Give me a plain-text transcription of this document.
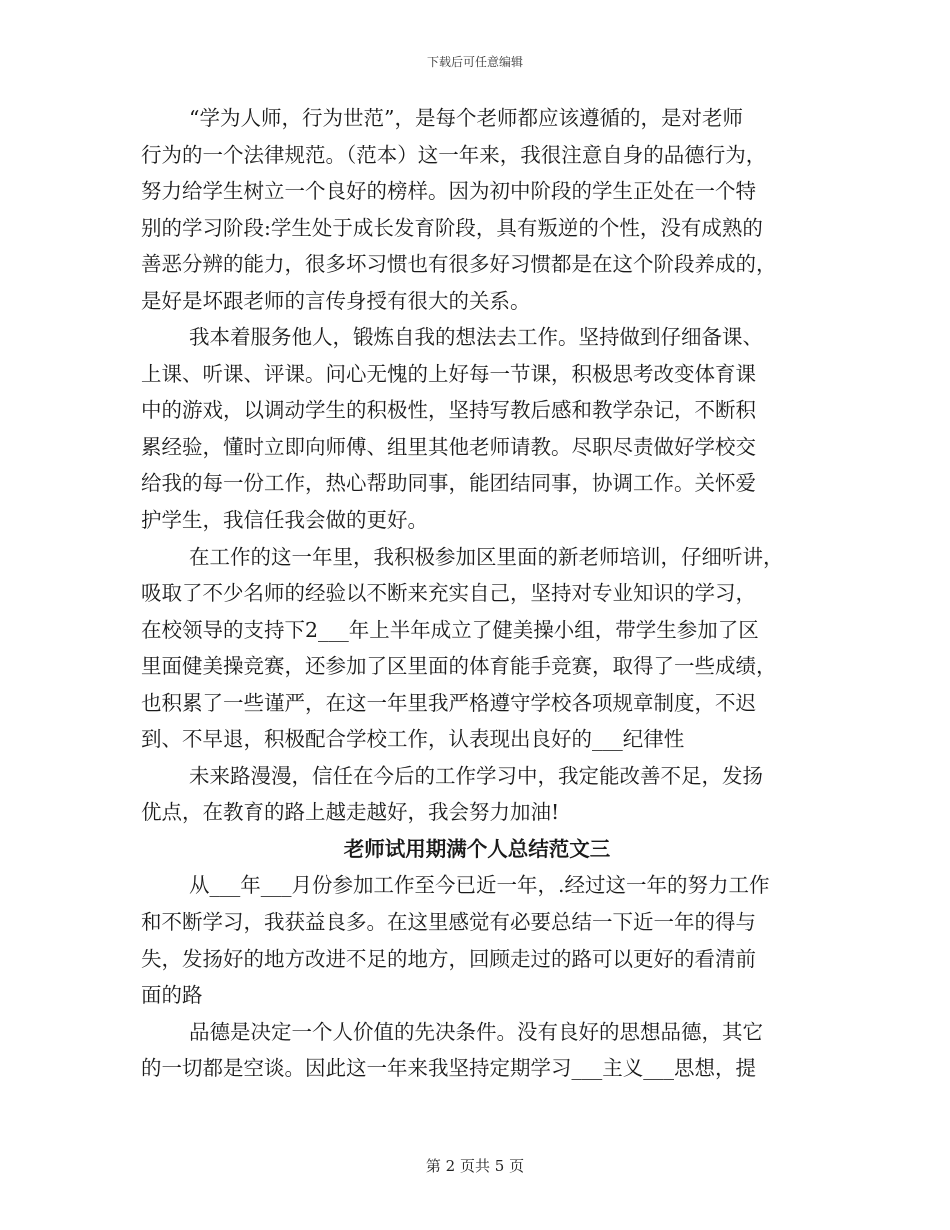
下载后可任意编辑
“学为人师，行为世范”，是每个老师都应该遵循的，是对老师
行为的一个法律规范。（范本）这一年来，我很注意自身的品德行为，
努力给学生树立一个良好的榜样。因为初中阶段的学生正处在一个特
别的学习阶段:学生处于成长发育阶段，具有叛逆的个性，没有成熟的
善恶分辨的能力，很多坏习惯也有很多好习惯都是在这个阶段养成的，
是好是坏跟老师的言传身授有很大的关系。
我本着服务他人，锻炼自我的想法去工作。坚持做到仔细备课、
上课、听课、评课。问心无愧的上好每一节课，积极思考改变体育课
中的游戏，以调动学生的积极性，坚持写教后感和教学杂记，不断积
累经验，懂时立即向师傅、组里其他老师请教。尽职尽责做好学校交
给我的每一份工作，热心帮助同事，能团结同事，协调工作。关怀爱
护学生，我信任我会做的更好。
在工作的这一年里，我积极参加区里面的新老师培训，仔细听讲，
吸取了不少名师的经验以不断来充实自己，坚持对专业知识的学习，
在校领导的支持下2___年上半年成立了健美操小组，带学生参加了区
里面健美操竞赛，还参加了区里面的体育能手竞赛，取得了一些成绩，
也积累了一些谨严，在这一年里我严格遵守学校各项规章制度，不迟
到、不早退，积极配合学校工作，认表现出良好的___纪律性
未来路漫漫，信任在今后的工作学习中，我定能改善不足，发扬
优点，在教育的路上越走越好，我会努力加油!
老师试用期满个人总结范文三
从___年___月份参加工作至今已近一年，.经过这一年的努力工作
和不断学习，我获益良多。在这里感觉有必要总结一下近一年的得与
失，发扬好的地方改进不足的地方，回顾走过的路可以更好的看清前
面的路
品德是决定一个人价值的先决条件。没有良好的思想品德，其它
的一切都是空谈。因此这一年来我坚持定期学习___主义___思想，提
第 2 页共 5 页
